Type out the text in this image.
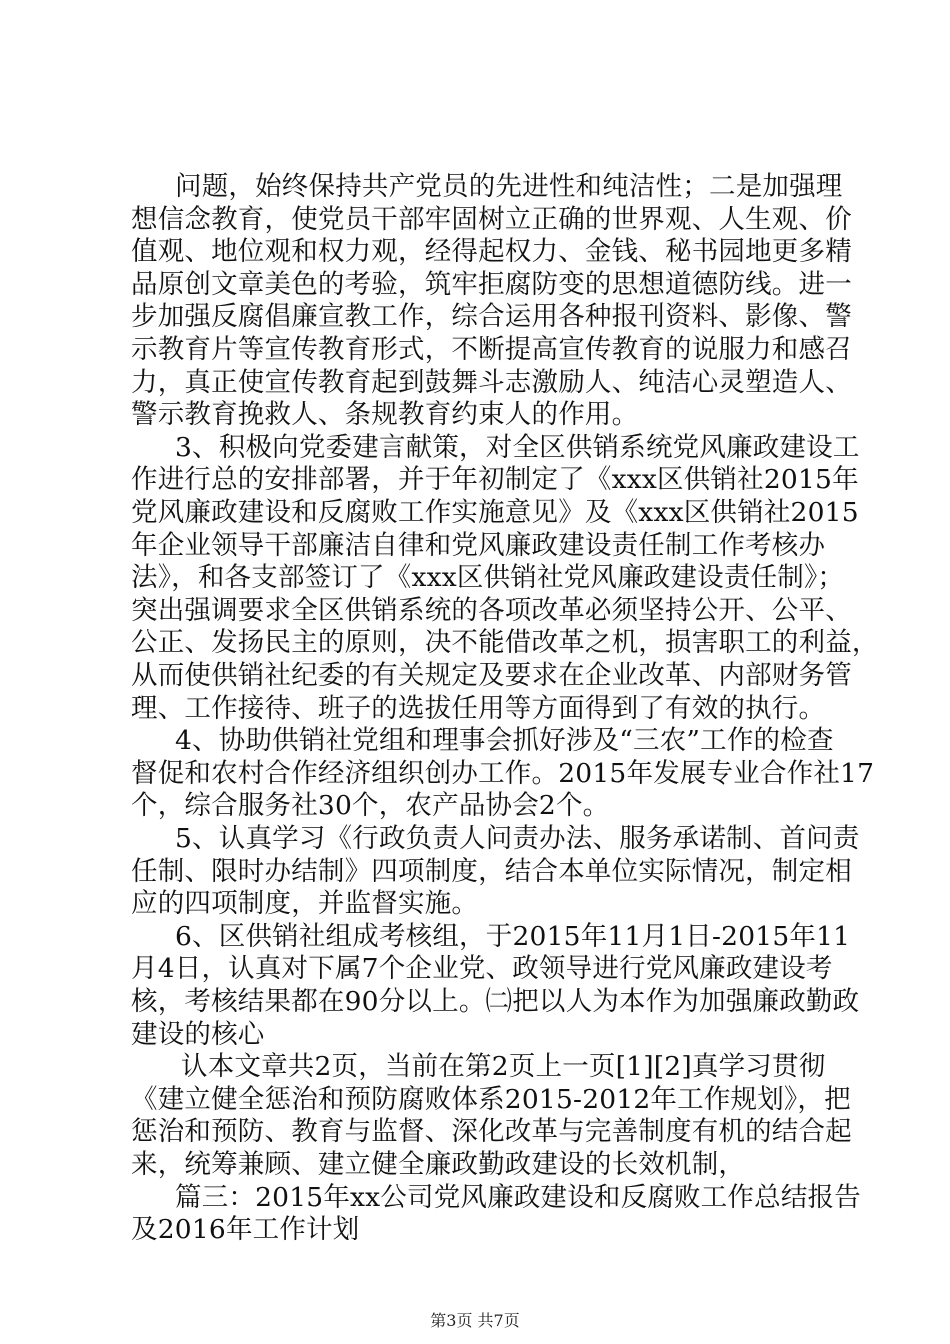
问题，始终保持共产党员的先进性和纯洁性；二是加强理
想信念教育，使党员干部牢固树立正确的世界观、人生观、价
值观、地位观和权力观，经得起权力、金钱、秘书园地更多精
品原创文章美色的考验，筑牢拒腐防变的思想道德防线。进一
步加强反腐倡廉宣教工作，综合运用各种报刊资料、影像、警
示教育片等宣传教育形式，不断提高宣传教育的说服力和感召
力，真正使宣传教育起到鼓舞斗志激励人、纯洁心灵塑造人、
警示教育挽救人、条规教育约束人的作用。
3、积极向党委建言献策，对全区供销系统党风廉政建设工
作进行总的安排部署，并于年初制定了《xxx区供销社2015年
党风廉政建设和反腐败工作实施意见》及《xxx区供销社2015
年企业领导干部廉洁自律和党风廉政建设责任制工作考核办
法》，和各支部签订了《xxx区供销社党风廉政建设责任制》；
突出强调要求全区供销系统的各项改革必须坚持公开、公平、
公正、发扬民主的原则，决不能借改革之机，损害职工的利益，
从而使供销社纪委的有关规定及要求在企业改革、内部财务管
理、工作接待、班子的选拔任用等方面得到了有效的执行。
4、协助供销社党组和理事会抓好涉及“三农”工作的检查
督促和农村合作经济组织创办工作。2015年发展专业合作社17
个，综合服务社30个，农产品协会2个。
5、认真学习《行政负责人问责办法、服务承诺制、首问责
任制、限时办结制》四项制度，结合本单位实际情况，制定相
应的四项制度，并监督实施。
6、区供销社组成考核组，于2015年11月1日-2015年11
月4日，认真对下属7个企业党、政领导进行党风廉政建设考
核，考核结果都在90分以上。㈡把以人为本作为加强廉政勤政
建设的核心
认本文章共2页，当前在第2页上一页[1][2]真学习贯彻
《建立健全惩治和预防腐败体系2015-2012年工作规划》，把
惩治和预防、教育与监督、深化改革与完善制度有机的结合起
来，统筹兼顾、建立健全廉政勤政建设的长效机制，
篇三：2015年xx公司党风廉政建设和反腐败工作总结报告
及2016年工作计划
第3页 共7页
